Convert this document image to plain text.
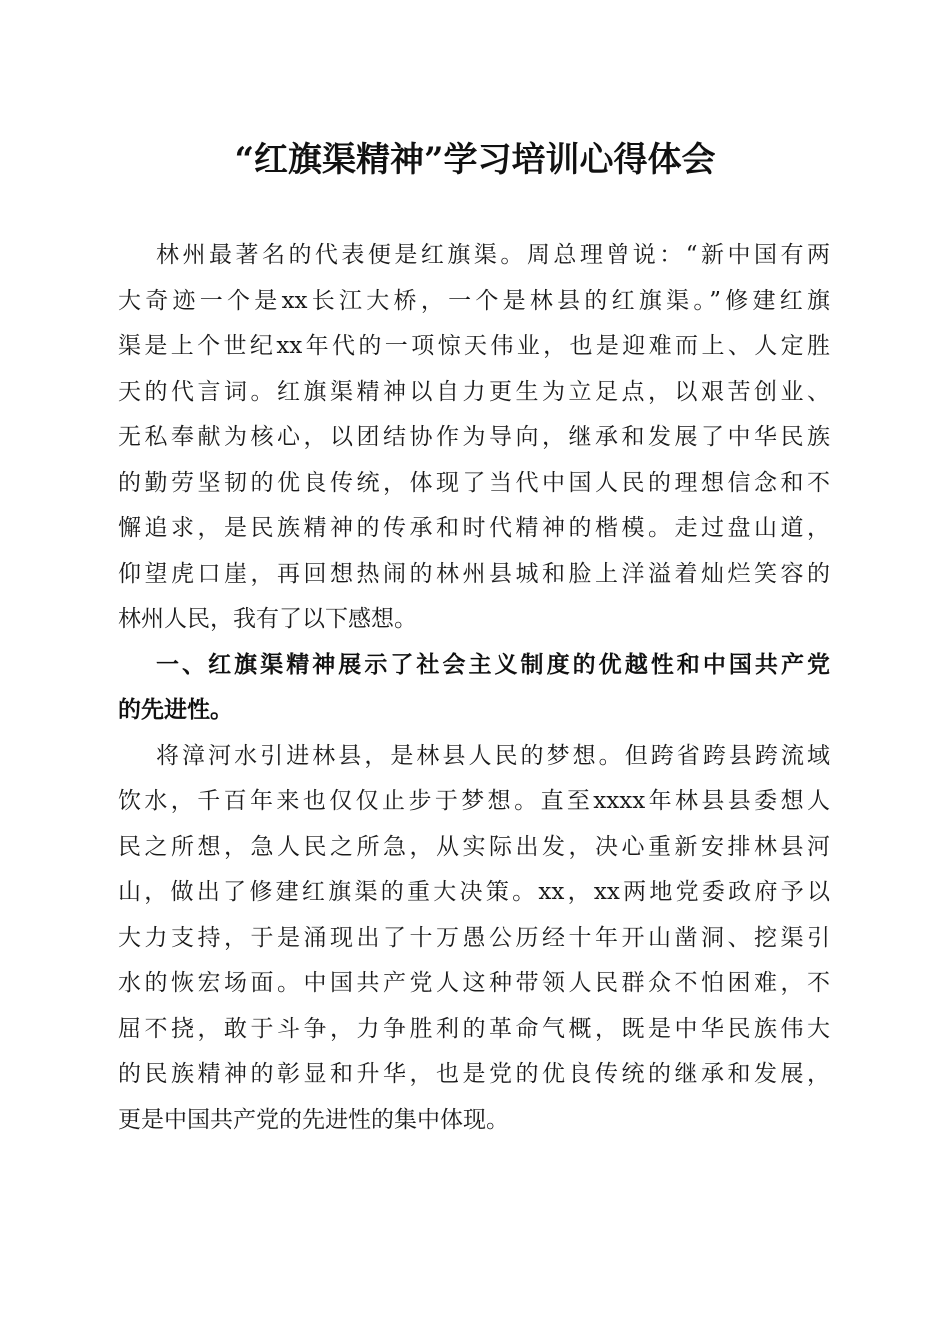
“红旗渠精神”学习培训心得体会
林州最著名的代表便是红旗渠。周总理曾说：“新中国有两
大奇迹一个是xx长江大桥，一个是林县的红旗渠。”修建红旗
渠是上个世纪xx年代的一项惊天伟业，也是迎难而上、人定胜
天的代言词。红旗渠精神以自力更生为立足点，以艰苦创业、
无私奉献为核心，以团结协作为导向，继承和发展了中华民族
的勤劳坚韧的优良传统，体现了当代中国人民的理想信念和不
懈追求，是民族精神的传承和时代精神的楷模。走过盘山道，
仰望虎口崖，再回想热闹的林州县城和脸上洋溢着灿烂笑容的
林州人民，我有了以下感想。
一、红旗渠精神展示了社会主义制度的优越性和中国共产党
的先进性。
将漳河水引进林县，是林县人民的梦想。但跨省跨县跨流域
饮水，千百年来也仅仅止步于梦想。直至xxxx年林县县委想人
民之所想，急人民之所急，从实际出发，决心重新安排林县河
山，做出了修建红旗渠的重大决策。xx，xx两地党委政府予以
大力支持，于是涌现出了十万愚公历经十年开山凿洞、挖渠引
水的恢宏场面。中国共产党人这种带领人民群众不怕困难，不
屈不挠，敢于斗争，力争胜利的革命气概，既是中华民族伟大
的民族精神的彰显和升华，也是党的优良传统的继承和发展，
更是中国共产党的先进性的集中体现。
